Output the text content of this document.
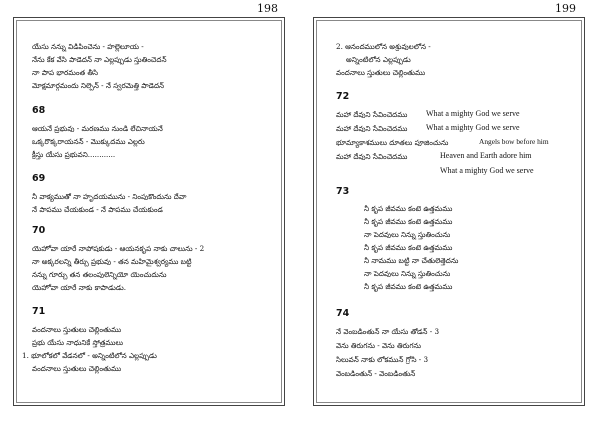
198	199
యేసు నన్ను విడిపించెను - హల్లెలూయ -
నేను కేక వేసి పాడెదన్ నా ఎల్లప్పుడు స్తుతించెదన్
నా పాప భారమంత తీసి
మోక్షమార్గమందు నిల్పెన్ - నే స్వరమెత్తి పాడెదన్
68
ఆయనే ప్రభువు - మరణము నుండి లేచినాయనే
ఒక్కరొక్కరాయనన్ - మొక్కుదము ఎల్లరు
క్రీస్తు యేసు ప్రభువని............
69
నీ వాక్యముతో నా హృదయమును - నింపుకొందును దేవా
నే పాపము చేయకుండ - నే పాపము చేయకుండ
70
యెహోవా యారే నాపోషకుడు - ఆయనకృప నాకు చాలును - 2
నా అక్కరలన్ని తీర్చు ప్రభువు - తన మహిమైశ్వర్యము బట్టి
నన్ను గూర్చు తన తలంపులెన్నియో యెంచుదును
యెహోవా యారే నాకు కాపాడుడు.
71
వందనాలు స్తుతులు చెల్లింతుము
ప్రభు యేసు నాధునికే స్తోత్రములు
1. భూలోకలో వేడనలో - అన్నింటిలోన ఎల్లప్పుడు
వందనాలు స్తుతులు చెల్లింతుము
2. ఆనందములోన అశ్రువులలోన -
అన్నింటిలోన ఎల్లప్పుడు
వందనాలు స్తుతులు చెల్లింతుము
72
మహా దేవుని సేవించెదము What a mighty God we serve
మహా దేవుని సేవించెదము What a mighty God we serve
భూమ్యాకాశములు దూతలు పూజించును	Angels bow before him
మహా దేవుని సేవించెదము	Heaven and Earth adore him
What a mighty God we serve
73
నీ కృప జీవము కంటె ఉత్తమము
నీ కృప జీవము కంటె ఉత్తమము
నా పెదవులు నిన్ను స్తుతించును
నీ కృప జీవము కంటె ఉత్తమము
నీ నామము బట్టి నా చేతులెత్తెదను
నా పెదవులు నిన్ను స్తుతించును
నీ కృప జీవము కంటె ఉత్తమము
74
నే వెంబడింతున్ నా యేసు తోడన్ - 3
వెను తిరుగను - వెను తిరుగను
సిలువన్ నాకు లోకమున్ గ్రోసి - 3
వెంబడింతున్ - వెంబడింతున్
